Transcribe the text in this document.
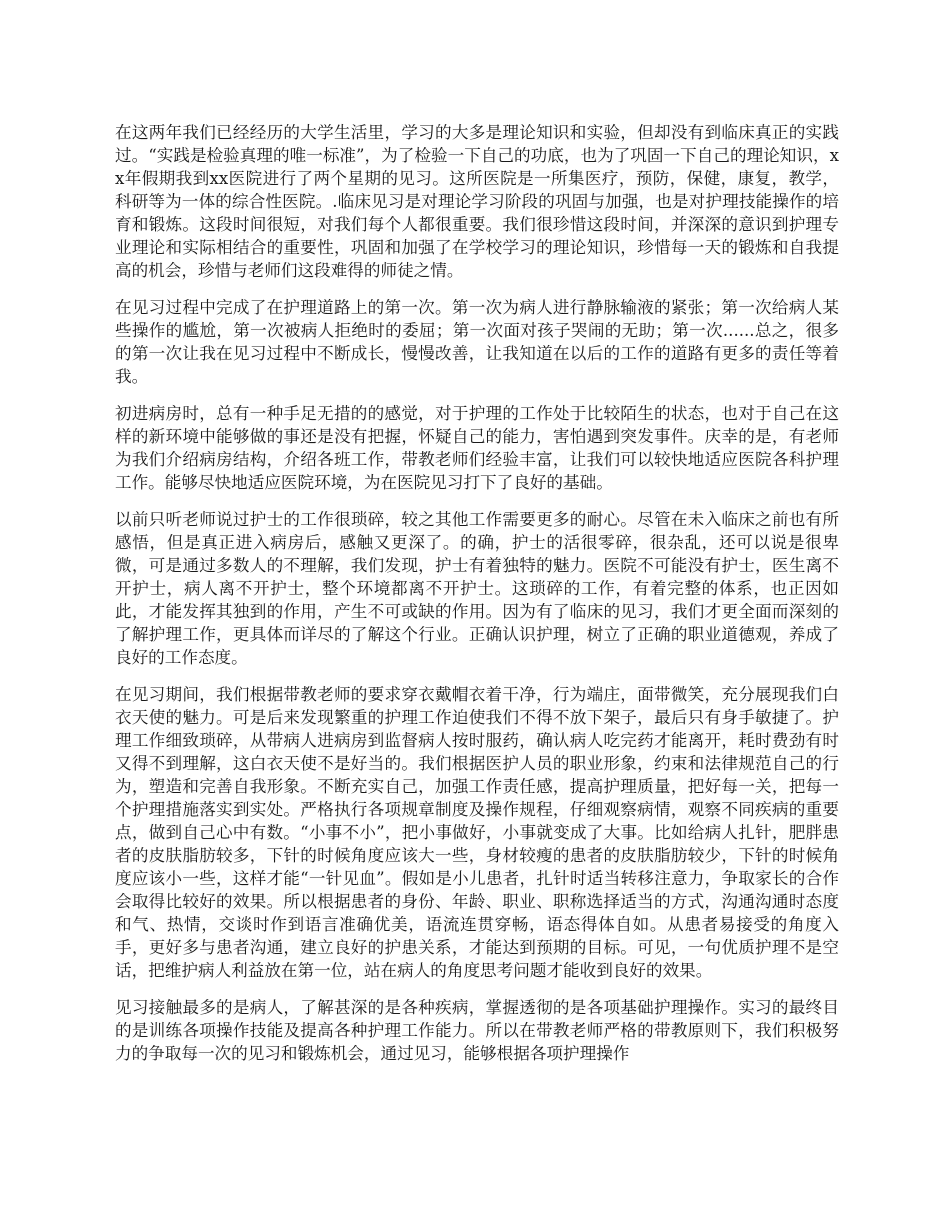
在这两年我们已经经历的大学生活里，学习的大多是理论知识和实验，但却没有到临床真正的实践过。“实践是检验真理的唯一标准”，为了检验一下自己的功底，也为了巩固一下自己的理论知识，xx年假期我到xx医院进行了两个星期的见习。这所医院是一所集医疗，预防，保健，康复，教学，科研等为一体的综合性医院。.临床见习是对理论学习阶段的巩固与加强，也是对护理技能操作的培育和锻炼。这段时间很短，对我们每个人都很重要。我们很珍惜这段时间，并深深的意识到护理专业理论和实际相结合的重要性，巩固和加强了在学校学习的理论知识，珍惜每一天的锻炼和自我提高的机会，珍惜与老师们这段难得的师徒之情。

在见习过程中完成了在护理道路上的第一次。第一次为病人进行静脉输液的紧张；第一次给病人某些操作的尴尬，第一次被病人拒绝时的委屈；第一次面对孩子哭闹的无助；第一次......总之，很多的第一次让我在见习过程中不断成长，慢慢改善，让我知道在以后的工作的道路有更多的责任等着我。

初进病房时，总有一种手足无措的的感觉，对于护理的工作处于比较陌生的状态，也对于自己在这样的新环境中能够做的事还是没有把握，怀疑自己的能力，害怕遇到突发事件。庆幸的是，有老师为我们介绍病房结构，介绍各班工作，带教老师们经验丰富，让我们可以较快地适应医院各科护理工作。能够尽快地适应医院环境，为在医院见习打下了良好的基础。

以前只听老师说过护士的工作很琐碎，较之其他工作需要更多的耐心。尽管在未入临床之前也有所感悟，但是真正进入病房后，感触又更深了。的确，护士的活很零碎，很杂乱，还可以说是很卑微，可是通过多数人的不理解，我们发现，护士有着独特的魅力。医院不可能没有护士，医生离不开护士，病人离不开护士，整个环境都离不开护士。这琐碎的工作，有着完整的体系，也正因如此，才能发挥其独到的作用，产生不可或缺的作用。因为有了临床的见习，我们才更全面而深刻的了解护理工作，更具体而详尽的了解这个行业。正确认识护理，树立了正确的职业道德观，养成了良好的工作态度。

在见习期间，我们根据带教老师的要求穿衣戴帽衣着干净，行为端庄，面带微笑，充分展现我们白衣天使的魅力。可是后来发现繁重的护理工作迫使我们不得不放下架子，最后只有身手敏捷了。护理工作细致琐碎，从带病人进病房到监督病人按时服药，确认病人吃完药才能离开，耗时费劲有时又得不到理解，这白衣天使不是好当的。我们根据医护人员的职业形象，约束和法律规范自己的行为，塑造和完善自我形象。不断充实自己，加强工作责任感，提高护理质量，把好每一关，把每一个护理措施落实到实处。严格执行各项规章制度及操作规程，仔细观察病情，观察不同疾病的重要点，做到自己心中有数。“小事不小”，把小事做好，小事就变成了大事。比如给病人扎针，肥胖患者的皮肤脂肪较多，下针的时候角度应该大一些，身材较瘦的患者的皮肤脂肪较少，下针的时候角度应该小一些，这样才能“一针见血”。假如是小儿患者，扎针时适当转移注意力，争取家长的合作会取得比较好的效果。所以根据患者的身份、年龄、职业、职称选择适当的方式，沟通沟通时态度和气、热情，交谈时作到语言准确优美，语流连贯穿畅，语态得体自如。从患者易接受的角度入手，更好多与患者沟通，建立良好的护患关系，才能达到预期的目标。可见，一句优质护理不是空话，把维护病人利益放在第一位，站在病人的角度思考问题才能收到良好的效果。

见习接触最多的是病人，了解甚深的是各种疾病，掌握透彻的是各项基础护理操作。实习的最终目的是训练各项操作技能及提高各种护理工作能力。所以在带教老师严格的带教原则下，我们积极努力的争取每一次的见习和锻炼机会，通过见习，能够根据各项护理操作
